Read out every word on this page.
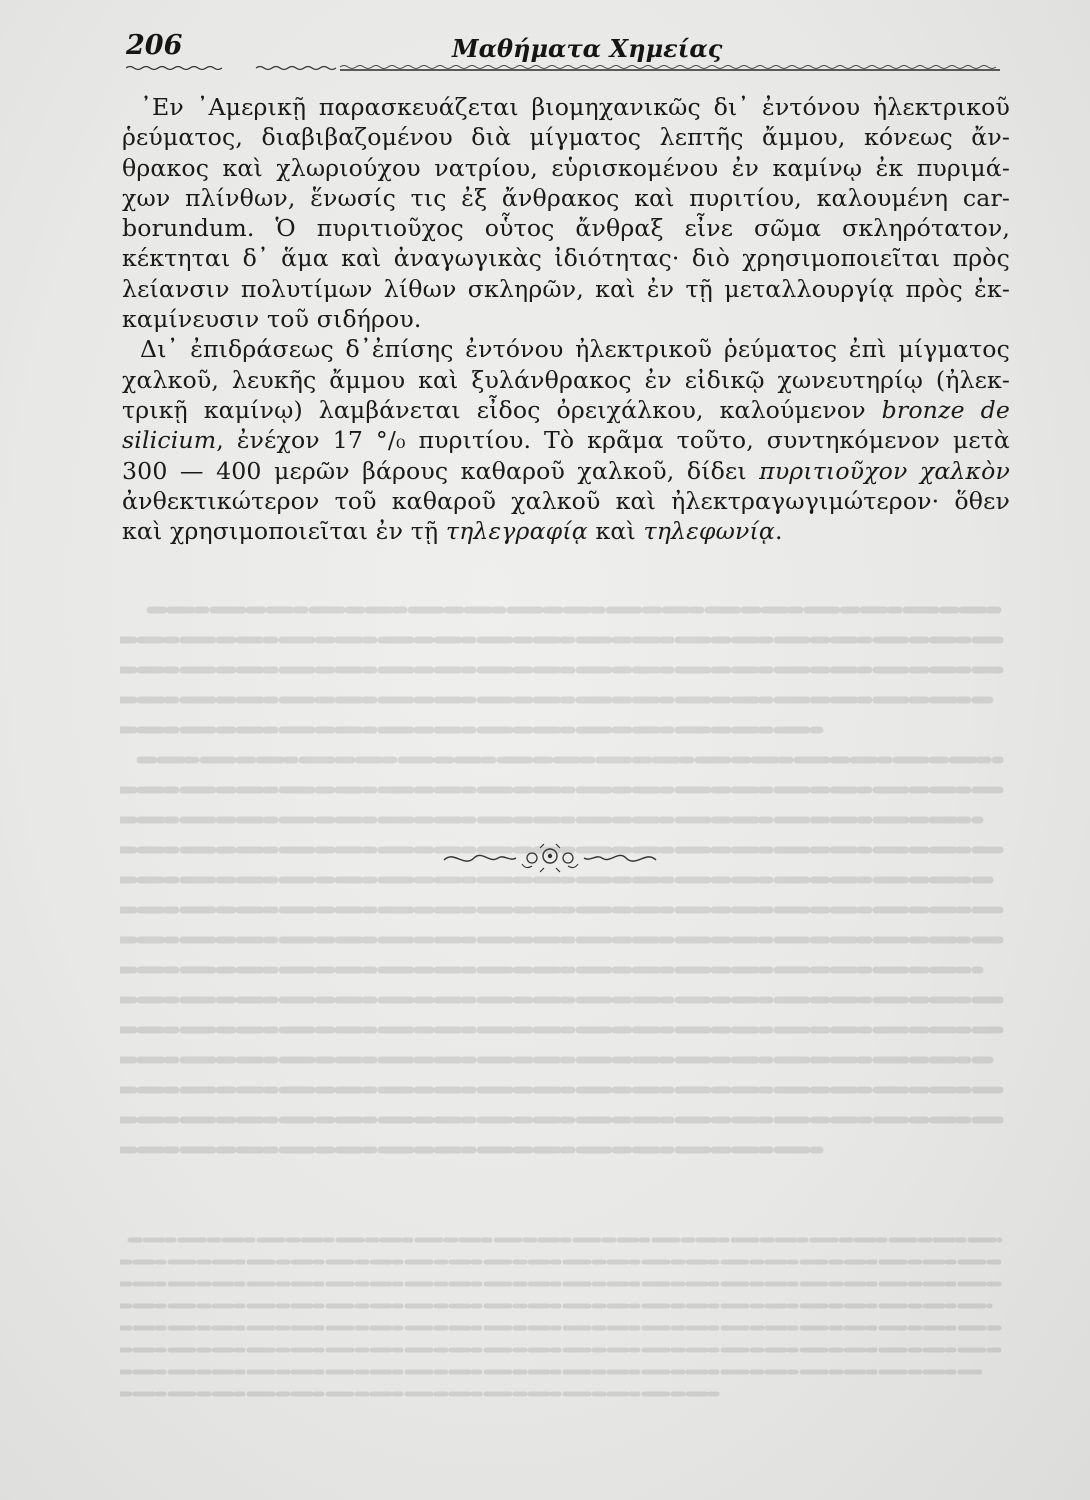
206	Μαθήματα Χημείας

᾿Εν ᾿Αμερικῇ παρασκευάζεται βιομηχανικῶς δι᾿ ἐντόνου ἠλεκτρικοῦ ῥεύματος, διαβιβαζομένου διὰ μίγματος λεπτῆς ἄμμου, κόνεως ἄν- θρακος καὶ χλωριούχου νατρίου, εὑρισκομένου ἐν καμίνῳ ἐκ πυριμά- χων πλίνθων, ἕνωσίς τις ἐξ ἄνθρακος καὶ πυριτίου, καλουμένη car- borundum. Ὁ πυριτιοῦχος οὗτος ἄνθραξ εἶνε σῶμα σκληρότατον, κέκτηται δ᾿ ἅμα καὶ ἀναγωγικὰς ἰδιότητας· διὸ χρησιμοποιεῖται πρὸς λείανσιν πολυτίμων λίθων σκληρῶν, καὶ ἐν τῇ μεταλλουργίᾳ πρὸς ἐκ- καμίνευσιν τοῦ σιδήρου.

Δι᾿ ἐπιδράσεως δ᾿ἐπίσης ἐντόνου ἠλεκτρικοῦ ῥεύματος ἐπὶ μίγματος χαλκοῦ, λευκῆς ἄμμου καὶ ξυλάνθρακος ἐν εἰδικῷ χωνευτηρίῳ (ἠλεκ- τρικῇ καμίνῳ) λαμβάνεται εἶδος ὀρειχάλκου, καλούμενον bronze de silicium, ἐνέχον 17 °/₀ πυριτίου. Τὸ κρᾶμα τοῦτο, συντηκόμενον μετὰ 300 — 400 μερῶν βάρους καθαροῦ χαλκοῦ, δίδει πυριτιοῦχον χαλκὸν ἀνθεκτικώτερον τοῦ καθαροῦ χαλκοῦ καὶ ἠλεκτραγωγιμώτερον· ὅθεν καὶ χρησιμοποιεῖται ἐν τῇ τηλεγραφίᾳ καὶ τηλεφωνίᾳ.
